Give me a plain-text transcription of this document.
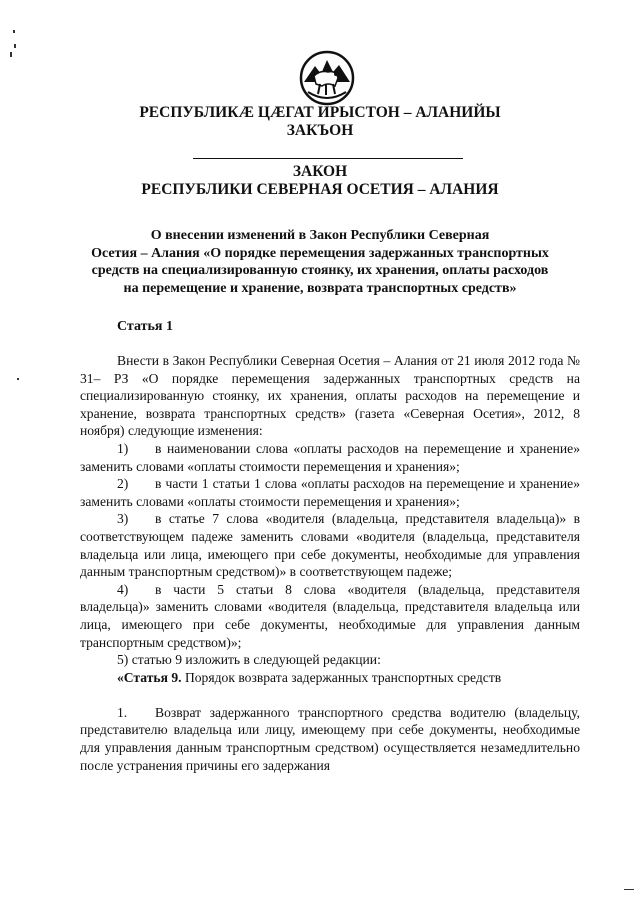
РЕСПУБЛИКӔ ЦӔГАТ ИРЫСТОН – АЛАНИЙЫ
ЗАКЪОН
ЗАКОН
РЕСПУБЛИКИ СЕВЕРНАЯ ОСЕТИЯ – АЛАНИЯ
О внесении изменений в Закон Республики Северная
Осетия – Алания «О порядке перемещения задержанных транспортных
средств на специализированную стоянку, их хранения, оплаты расходов
на перемещение и хранение, возврата транспортных средств»
Статья 1

Внести в Закон Республики Северная Осетия – Алания от 21 июля 2012 года № 31– РЗ «О порядке перемещения задержанных транспортных средств на специализированную стоянку, их хранения, оплаты расходов на перемещение и хранение, возврата транспортных средств» (газета «Северная Осетия», 2012, 8 ноября) следующие изменения:

1) в наименовании слова «оплаты расходов на перемещение и хранение» заменить словами «оплаты стоимости перемещения и хранения»;

2) в части 1 статьи 1 слова «оплаты расходов на перемещение и хранение» заменить словами «оплаты стоимости перемещения и хранения»;

3) в статье 7 слова «водителя (владельца, представителя владельца)» в соответствующем падеже заменить словами «водителя (владельца, представителя владельца или лица, имеющего при себе документы, необходимые для управления данным транспортным средством)» в соответствующем падеже;

4) в части 5 статьи 8 слова «водителя (владельца, представителя владельца)» заменить словами «водителя (владельца, представителя владельца или лица, имеющего при себе документы, необходимые для управления данным транспортным средством)»;

5) статью 9 изложить в следующей редакции:

«Статья 9. Порядок возврата задержанных транспортных средств

1. Возврат задержанного транспортного средства водителю (владельцу, представителю владельца или лицу, имеющему при себе документы, необходимые для управления данным транспортным средством) осуществляется незамедлительно после устранения причины его задержания
